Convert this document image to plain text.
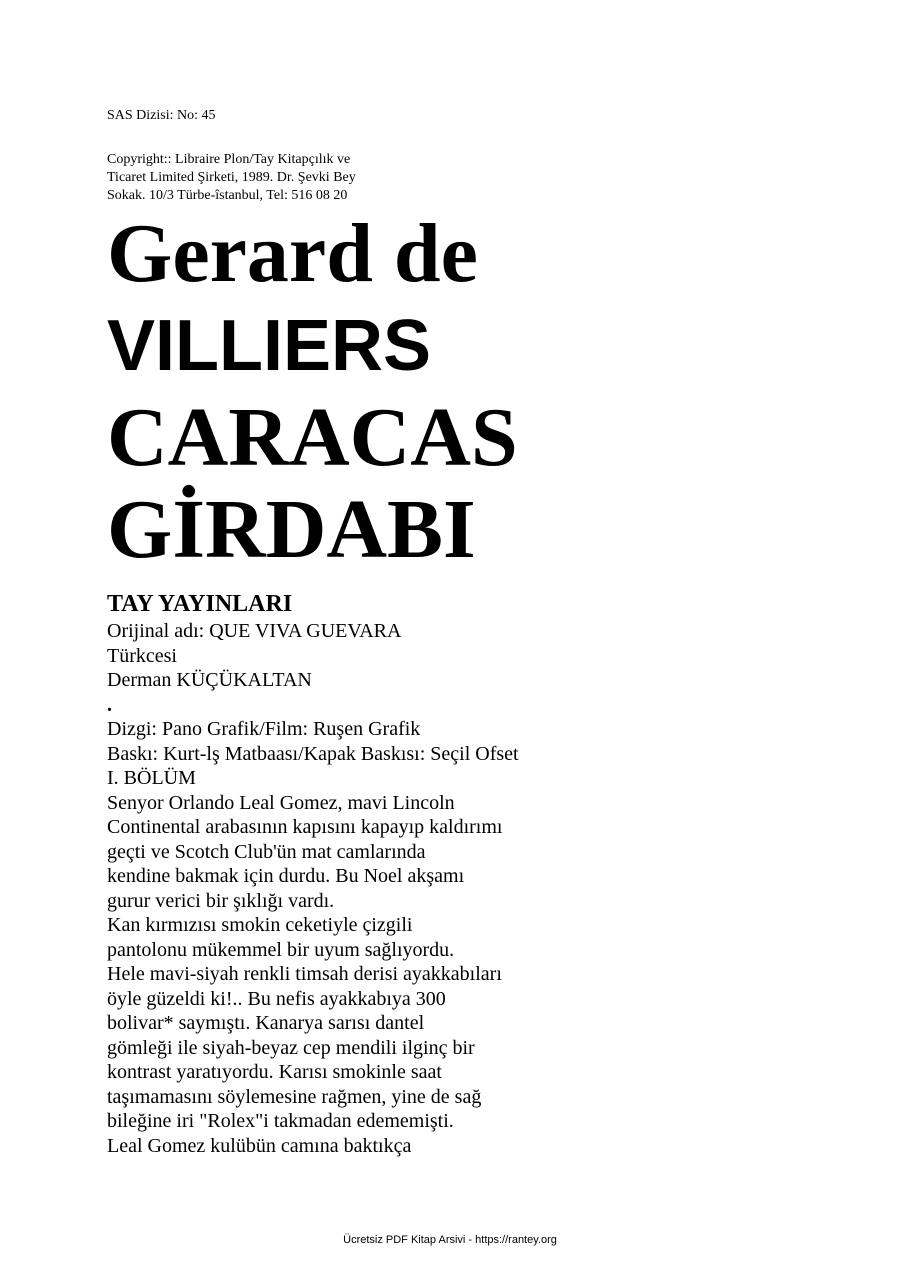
SAS Dizisi: No: 45
Copyright:: Libraire Plon/Tay Kitapçılık ve
Ticaret Limited Şirketi, 1989. Dr. Şevki Bey
Sokak. 10/3 Türbe-îstanbul, Tel: 516 08 20
Gerard de
VILLIERS
CARACAS
GİRDABI
TAY YAYINLARI
Orijinal adı: QUE VIVA GUEVARA
Türkcesi
Derman KÜÇÜKALTAN
.
Dizgi: Pano Grafik/Film: Ruşen Grafik
Baskı: Kurt-lş Matbaası/Kapak Baskısı: Seçil Ofset
I. BÖLÜM
Senyor Orlando Leal Gomez, mavi Lincoln
Continental arabasının kapısını kapayıp kaldırımı
geçti ve Scotch Club'ün mat camlarında
kendine bakmak için durdu. Bu Noel akşamı
gurur verici bir şıklığı vardı.
Kan kırmızısı smokin ceketiyle çizgili
pantolonu mükemmel bir uyum sağlıyordu.
Hele mavi-siyah renkli timsah derisi ayakkabıları
öyle güzeldi ki!.. Bu nefis ayakkabıya 300
bolivar* saymıştı. Kanarya sarısı dantel
gömleği ile siyah-beyaz cep mendili ilginç bir
kontrast yaratıyordu. Karısı smokinle saat
taşımamasını söylemesine rağmen, yine de sağ
bileğine iri "Rolex"i takmadan edememişti.
Leal Gomez kulübün camına baktıkça
Ücretsiz PDF Kitap Arsivi - https://rantey.org
